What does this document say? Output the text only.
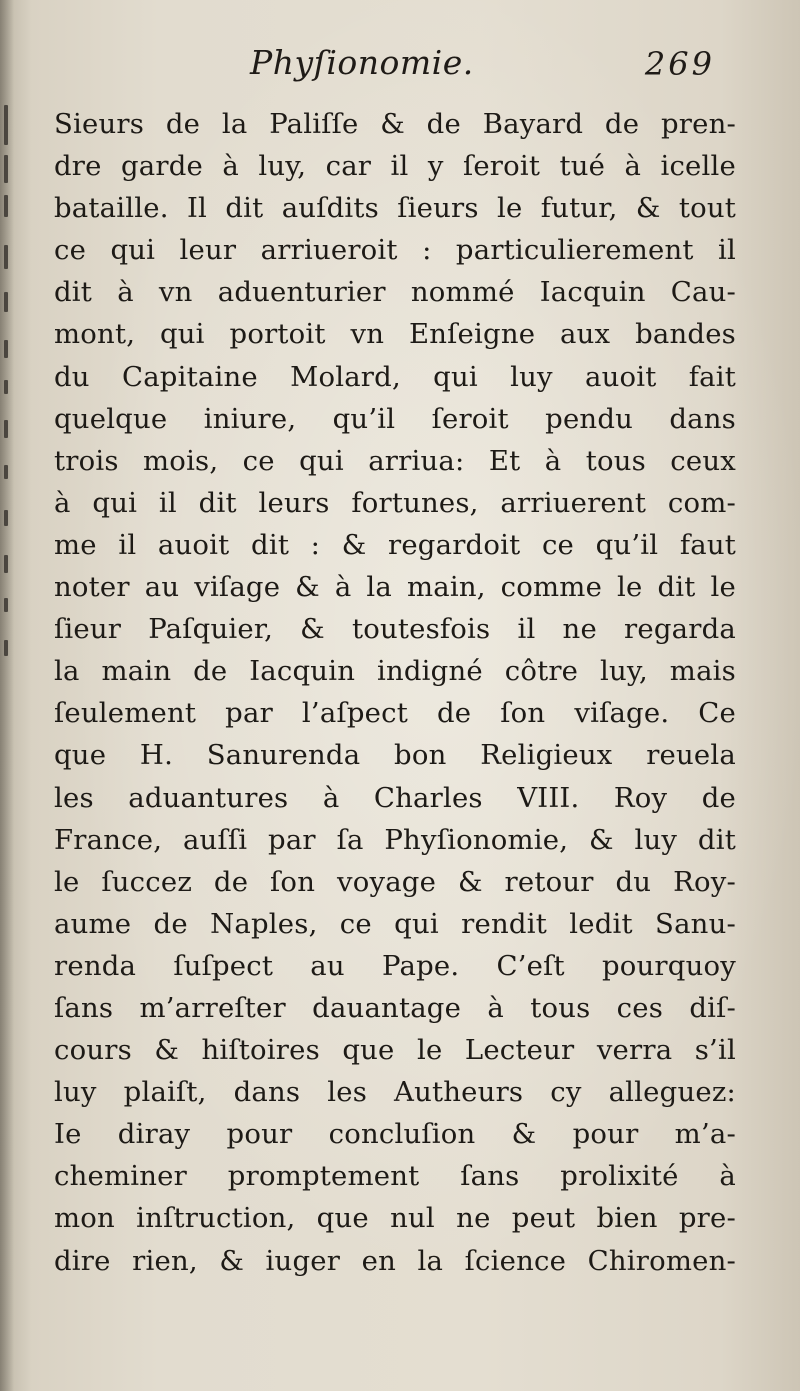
Phyſionomie.	269
Sieurs de la Paliſſe & de Bayard de pren-
dre garde à luy, car il y ſeroit tué à icelle
bataille. Il dit auſdits ſieurs le futur, & tout
ce qui leur arriueroit : particulierement il
dit à vn aduenturier nommé Iacquin Cau-
mont, qui portoit vn Enſeigne aux bandes
du Capitaine Molard, qui luy auoit fait
quelque iniure, qu’il ſeroit pendu dans
trois mois, ce qui arriua: Et à tous ceux
à qui il dit leurs fortunes, arriuerent com-
me il auoit dit : & regardoit ce qu’il faut
noter au viſage & à la main, comme le dit le
ſieur Paſquier, & toutesfois il ne regarda
la main de Iacquin indigné côtre luy, mais
ſeulement par l’aſpect de ſon viſage. Ce
que H. Sanurenda bon Religieux reuela
les aduantures à Charles VIII. Roy de
France, auſſi par ſa Phyſionomie, & luy dit
le ſuccez de ſon voyage & retour du Roy-
aume de Naples, ce qui rendit ledit Sanu-
renda ſuſpect au Pape. C’eſt pourquoy
ſans m’arreſter dauantage à tous ces diſ-
cours & hiſtoires que le Lecteur verra s’il
luy plaiſt, dans les Autheurs cy alleguez:
Ie diray pour concluſion & pour m’a-
cheminer promptement ſans prolixité à
mon inſtruction, que nul ne peut bien pre-
dire rien, & iuger en la ſcience Chiromen-
